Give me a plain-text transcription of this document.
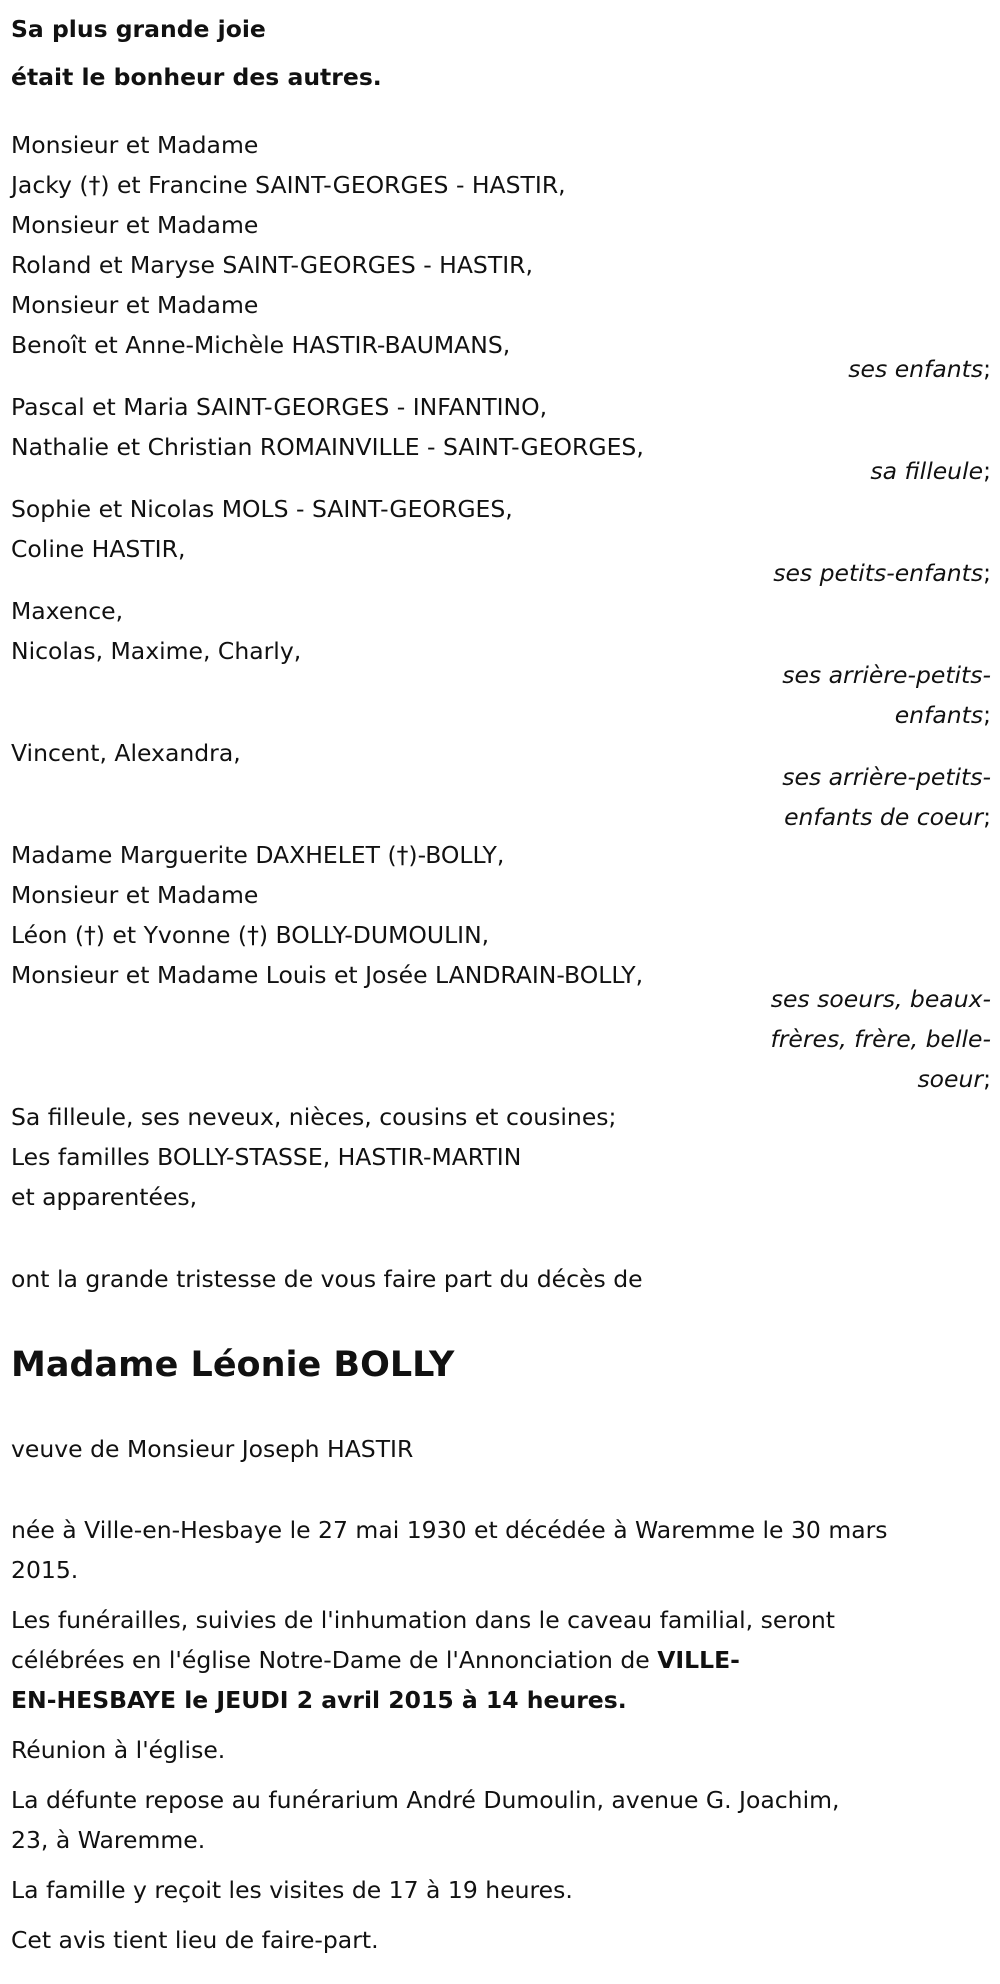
Sa plus grande joie
était le bonheur des autres.
Monsieur et Madame
Jacky (†) et Francine SAINT-GEORGES - HASTIR,
Monsieur et Madame
Roland et Maryse SAINT-GEORGES - HASTIR,
Monsieur et Madame
Benoît et Anne-Michèle HASTIR-BAUMANS,
ses enfants;
Pascal et Maria SAINT-GEORGES - INFANTINO,
Nathalie et Christian ROMAINVILLE - SAINT-GEORGES,
sa filleule;
Sophie et Nicolas MOLS - SAINT-GEORGES,
Coline HASTIR,
ses petits-enfants;
Maxence,
Nicolas, Maxime, Charly,
ses arrière-petits-
enfants;
Vincent, Alexandra,
ses arrière-petits-
enfants de coeur;
Madame Marguerite DAXHELET (†)-BOLLY,
Monsieur et Madame
Léon (†) et Yvonne (†) BOLLY-DUMOULIN,
Monsieur et Madame Louis et Josée LANDRAIN-BOLLY,
ses soeurs, beaux-
frères, frère, belle-
soeur;
Sa filleule, ses neveux, nièces, cousins et cousines;
Les familles BOLLY-STASSE, HASTIR-MARTIN
et apparentées,
ont la grande tristesse de vous faire part du décès de
Madame Léonie BOLLY
veuve de Monsieur Joseph HASTIR
née à Ville-en-Hesbaye le 27 mai 1930 et décédée à Waremme le 30 mars
2015.
Les funérailles, suivies de l'inhumation dans le caveau familial, seront
célébrées en l'église Notre-Dame de l'Annonciation de VILLE-
EN-HESBAYE le JEUDI 2 avril 2015 à 14 heures.
Réunion à l'église.
La défunte repose au funérarium André Dumoulin, avenue G. Joachim,
23, à Waremme.
La famille y reçoit les visites de 17 à 19 heures.
Cet avis tient lieu de faire-part.
